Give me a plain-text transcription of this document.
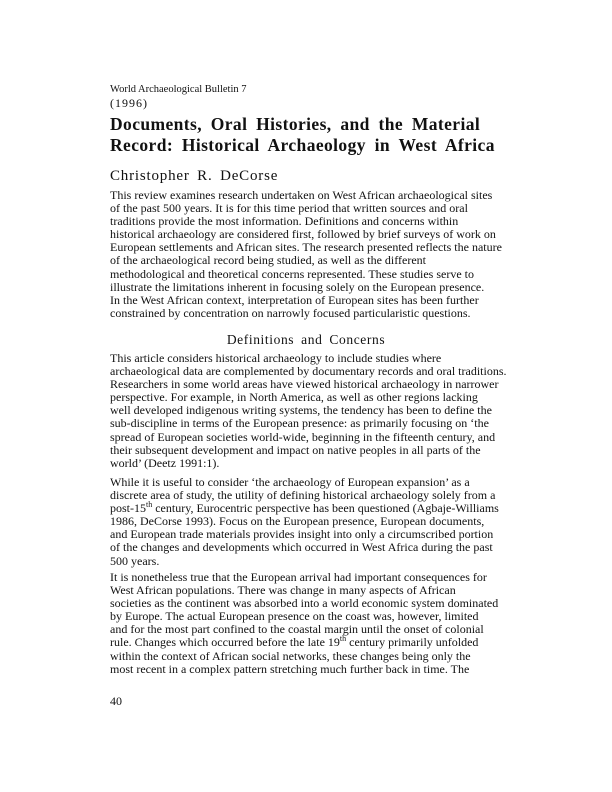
World Archaeological Bulletin 7
(1996)
Documents, Oral Histories, and the Material
Record: Historical Archaeology in West Africa
Christopher R. DeCorse
This review examines research undertaken on West African archaeological sites
of the past 500 years. It is for this time period that written sources and oral
traditions provide the most information. Definitions and concerns within
historical archaeology are considered first, followed by brief surveys of work on
European settlements and African sites. The research presented reflects the nature
of the archaeological record being studied, as well as the different
methodological and theoretical concerns represented. These studies serve to
illustrate the limitations inherent in focusing solely on the European presence.
In the West African context, interpretation of European sites has been further
constrained by concentration on narrowly focused particularistic questions.
Definitions and Concerns
This article considers historical archaeology to include studies where
archaeological data are complemented by documentary records and oral traditions.
Researchers in some world areas have viewed historical archaeology in narrower
perspective. For example, in North America, as well as other regions lacking
well developed indigenous writing systems, the tendency has been to define the
sub-discipline in terms of the European presence: as primarily focusing on ‘the
spread of European societies world-wide, beginning in the fifteenth century, and
their subsequent development and impact on native peoples in all parts of the
world’ (Deetz 1991:1).
While it is useful to consider ‘the archaeology of European expansion’ as a
discrete area of study, the utility of defining historical archaeology solely from a
post-15th century, Eurocentric perspective has been questioned (Agbaje-Williams
1986, DeCorse 1993). Focus on the European presence, European documents,
and European trade materials provides insight into only a circumscribed portion
of the changes and developments which occurred in West Africa during the past
500 years.
It is nonetheless true that the European arrival had important consequences for
West African populations. There was change in many aspects of African
societies as the continent was absorbed into a world economic system dominated
by Europe. The actual European presence on the coast was, however, limited
and for the most part confined to the coastal margin until the onset of colonial
rule. Changes which occurred before the late 19th century primarily unfolded
within the context of African social networks, these changes being only the
most recent in a complex pattern stretching much further back in time. The
40
